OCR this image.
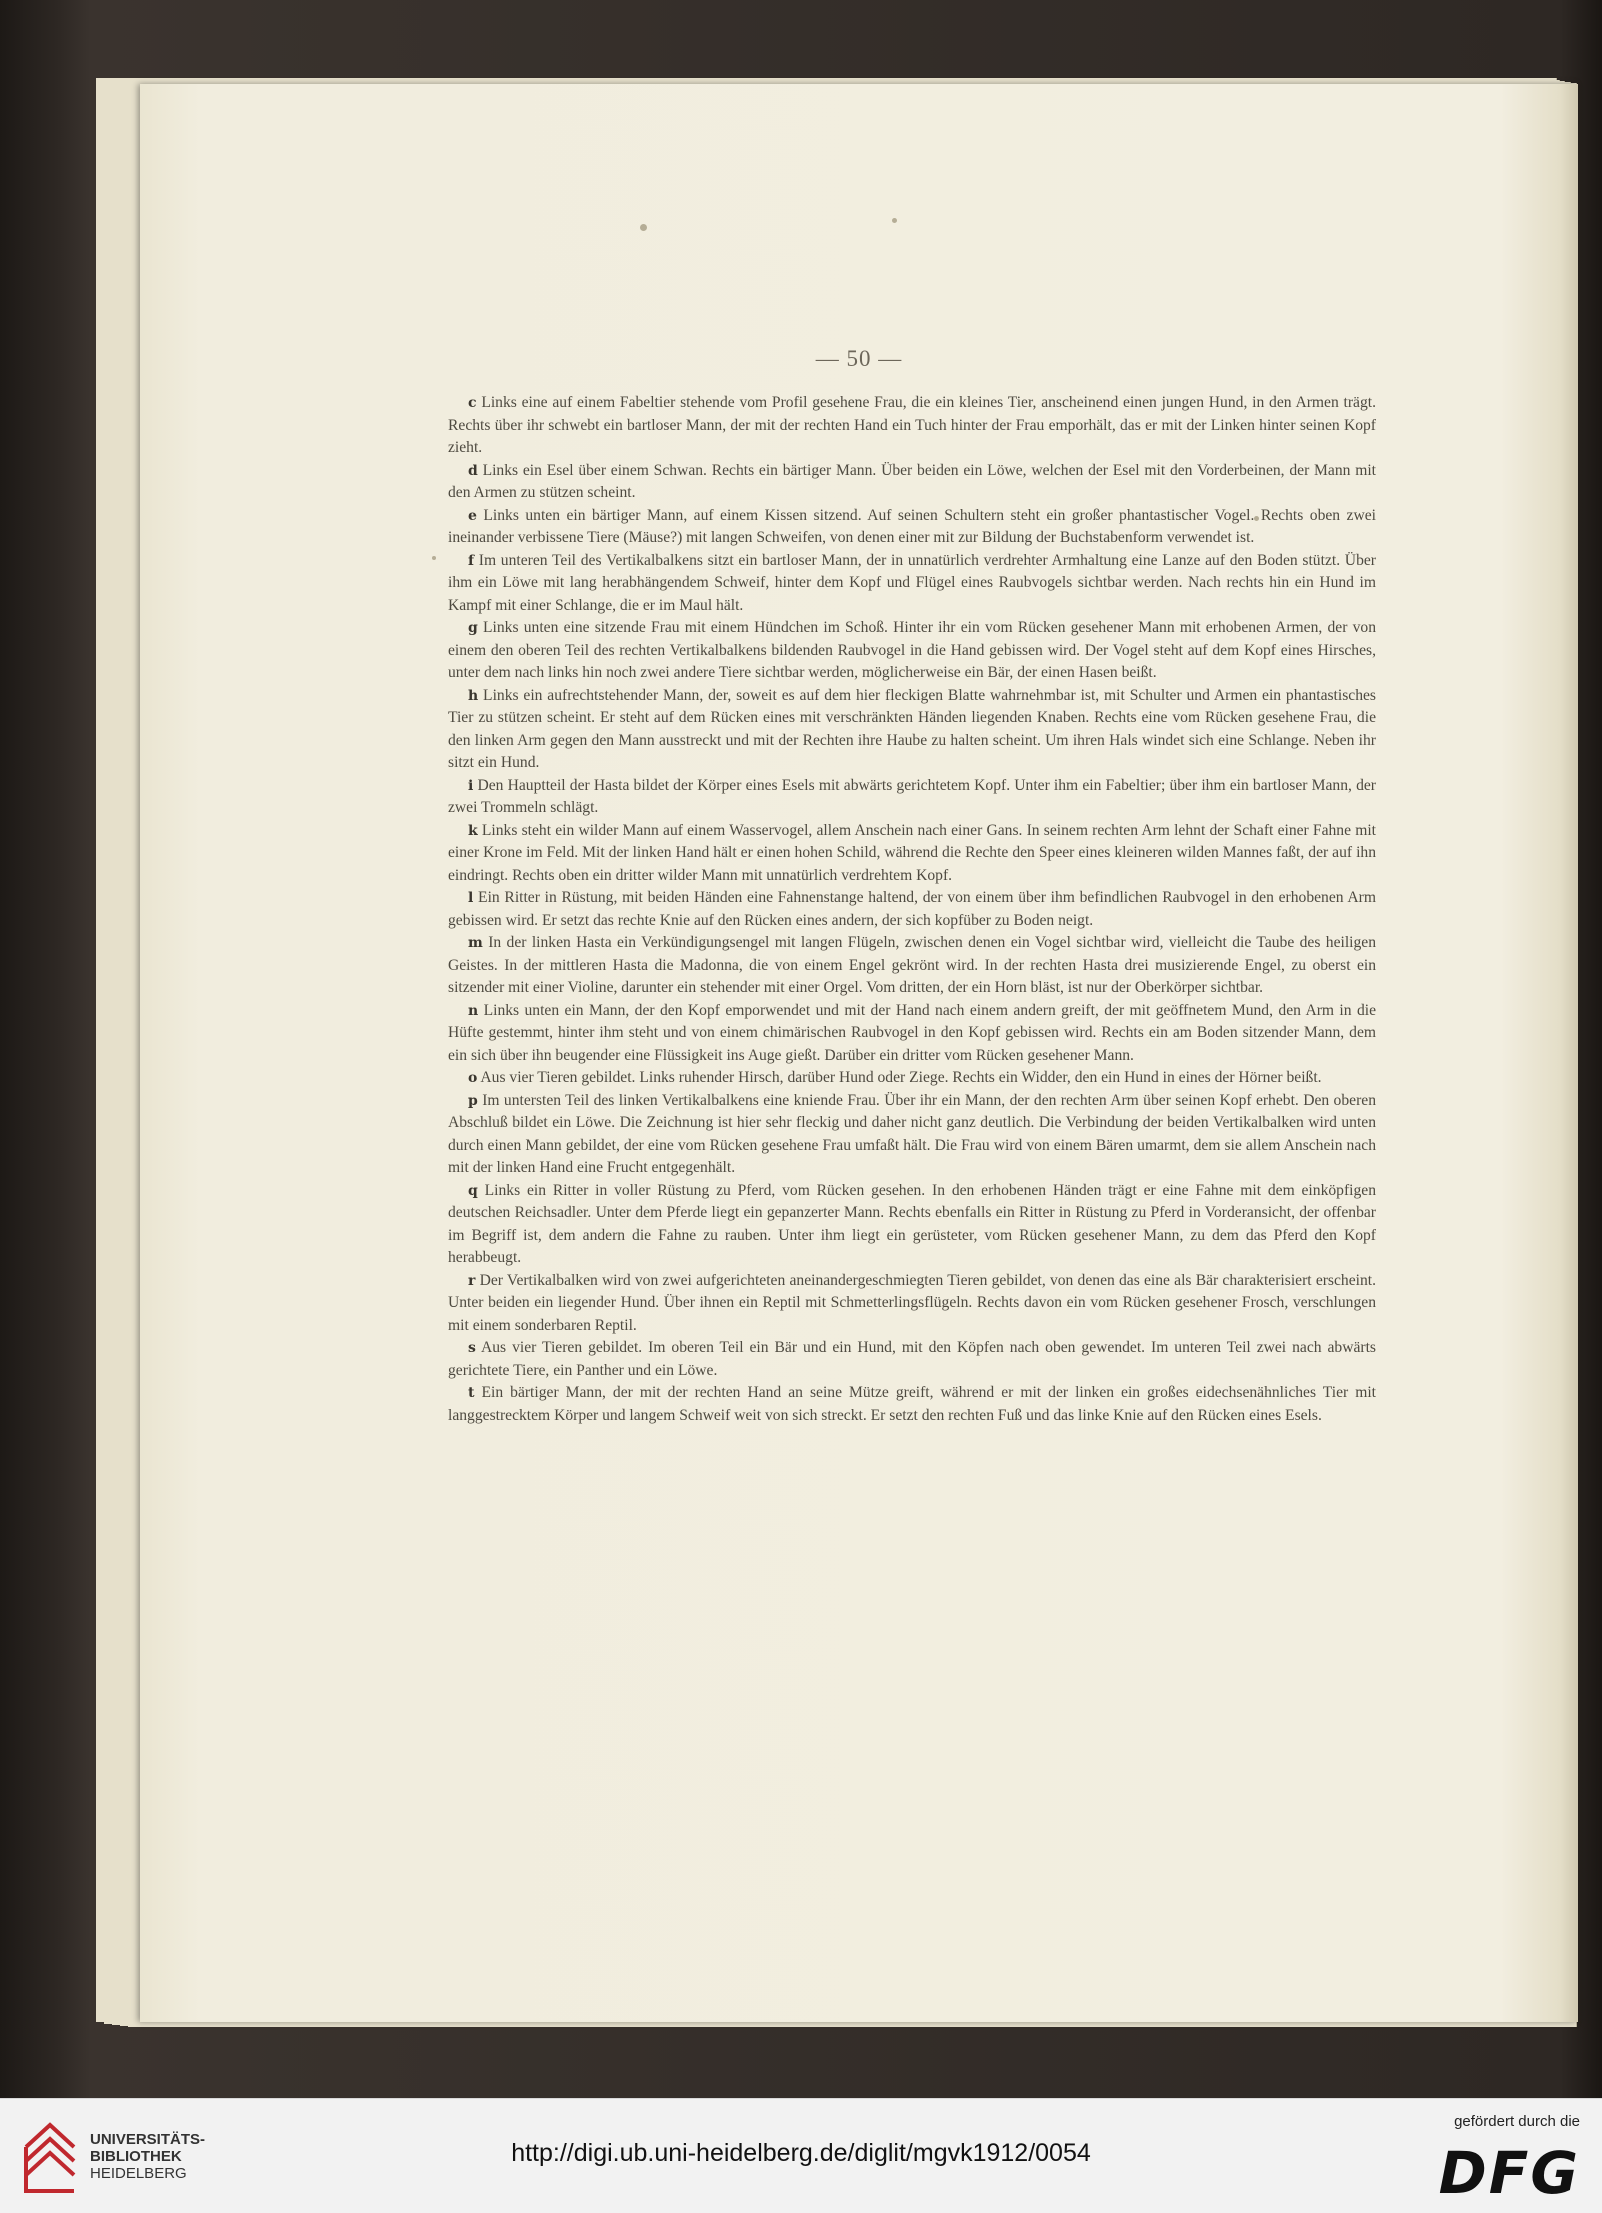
— 50 —

c Links eine auf einem Fabeltier stehende vom Profil gesehene Frau, die ein kleines Tier, anscheinend einen jungen Hund, in den Armen trägt. Rechts über ihr schwebt ein bartloser Mann, der mit der rechten Hand ein Tuch hinter der Frau emporhält, das er mit der Linken hinter seinen Kopf zieht.

d Links ein Esel über einem Schwan. Rechts ein bärtiger Mann. Über beiden ein Löwe, welchen der Esel mit den Vorderbeinen, der Mann mit den Armen zu stützen scheint.

e Links unten ein bärtiger Mann, auf einem Kissen sitzend. Auf seinen Schultern steht ein großer phantastischer Vogel. Rechts oben zwei ineinander verbissene Tiere (Mäuse?) mit langen Schweifen, von denen einer mit zur Bildung der Buchstabenform verwendet ist.

f Im unteren Teil des Vertikalbalkens sitzt ein bartloser Mann, der in unnatürlich verdrehter Armhaltung eine Lanze auf den Boden stützt. Über ihm ein Löwe mit lang herabhängendem Schweif, hinter dem Kopf und Flügel eines Raubvogels sichtbar werden. Nach rechts hin ein Hund im Kampf mit einer Schlange, die er im Maul hält.

g Links unten eine sitzende Frau mit einem Hündchen im Schoß. Hinter ihr ein vom Rücken gesehener Mann mit erhobenen Armen, der von einem den oberen Teil des rechten Vertikalbalkens bildenden Raubvogel in die Hand gebissen wird. Der Vogel steht auf dem Kopf eines Hirsches, unter dem nach links hin noch zwei andere Tiere sichtbar werden, möglicherweise ein Bär, der einen Hasen beißt.

h Links ein aufrechtstehender Mann, der, soweit es auf dem hier fleckigen Blatte wahrnehmbar ist, mit Schulter und Armen ein phantastisches Tier zu stützen scheint. Er steht auf dem Rücken eines mit verschränkten Händen liegenden Knaben. Rechts eine vom Rücken gesehene Frau, die den linken Arm gegen den Mann ausstreckt und mit der Rechten ihre Haube zu halten scheint. Um ihren Hals windet sich eine Schlange. Neben ihr sitzt ein Hund.

i Den Hauptteil der Hasta bildet der Körper eines Esels mit abwärts gerichtetem Kopf. Unter ihm ein Fabeltier; über ihm ein bartloser Mann, der zwei Trommeln schlägt.

k Links steht ein wilder Mann auf einem Wasservogel, allem Anschein nach einer Gans. In seinem rechten Arm lehnt der Schaft einer Fahne mit einer Krone im Feld. Mit der linken Hand hält er einen hohen Schild, während die Rechte den Speer eines kleineren wilden Mannes faßt, der auf ihn eindringt. Rechts oben ein dritter wilder Mann mit unnatürlich verdrehtem Kopf.

l Ein Ritter in Rüstung, mit beiden Händen eine Fahnenstange haltend, der von einem über ihm befindlichen Raubvogel in den erhobenen Arm gebissen wird. Er setzt das rechte Knie auf den Rücken eines andern, der sich kopfüber zu Boden neigt.

m In der linken Hasta ein Verkündigungsengel mit langen Flügeln, zwischen denen ein Vogel sichtbar wird, vielleicht die Taube des heiligen Geistes. In der mittleren Hasta die Madonna, die von einem Engel gekrönt wird. In der rechten Hasta drei musizierende Engel, zu oberst ein sitzender mit einer Violine, darunter ein stehender mit einer Orgel. Vom dritten, der ein Horn bläst, ist nur der Oberkörper sichtbar.

n Links unten ein Mann, der den Kopf emporwendet und mit der Hand nach einem andern greift, der mit geöffnetem Mund, den Arm in die Hüfte gestemmt, hinter ihm steht und von einem chimärischen Raubvogel in den Kopf gebissen wird. Rechts ein am Boden sitzender Mann, dem ein sich über ihn beugender eine Flüssigkeit ins Auge gießt. Darüber ein dritter vom Rücken gesehener Mann.

o Aus vier Tieren gebildet. Links ruhender Hirsch, darüber Hund oder Ziege. Rechts ein Widder, den ein Hund in eines der Hörner beißt.

p Im untersten Teil des linken Vertikalbalkens eine kniende Frau. Über ihr ein Mann, der den rechten Arm über seinen Kopf erhebt. Den oberen Abschluß bildet ein Löwe. Die Zeichnung ist hier sehr fleckig und daher nicht ganz deutlich. Die Verbindung der beiden Vertikalbalken wird unten durch einen Mann gebildet, der eine vom Rücken gesehene Frau umfaßt hält. Die Frau wird von einem Bären umarmt, dem sie allem Anschein nach mit der linken Hand eine Frucht entgegenhält.

q Links ein Ritter in voller Rüstung zu Pferd, vom Rücken gesehen. In den erhobenen Händen trägt er eine Fahne mit dem einköpfigen deutschen Reichsadler. Unter dem Pferde liegt ein gepanzerter Mann. Rechts ebenfalls ein Ritter in Rüstung zu Pferd in Vorderansicht, der offenbar im Begriff ist, dem andern die Fahne zu rauben. Unter ihm liegt ein gerüsteter, vom Rücken gesehener Mann, zu dem das Pferd den Kopf herabbeugt.

r Der Vertikalbalken wird von zwei aufgerichteten aneinandergeschmiegten Tieren gebildet, von denen das eine als Bär charakterisiert erscheint. Unter beiden ein liegender Hund. Über ihnen ein Reptil mit Schmetterlingsflügeln. Rechts davon ein vom Rücken gesehener Frosch, verschlungen mit einem sonderbaren Reptil.

s Aus vier Tieren gebildet. Im oberen Teil ein Bär und ein Hund, mit den Köpfen nach oben gewendet. Im unteren Teil zwei nach abwärts gerichtete Tiere, ein Panther und ein Löwe.

t Ein bärtiger Mann, der mit der rechten Hand an seine Mütze greift, während er mit der linken ein großes eidechsenähnliches Tier mit langgestrecktem Körper und langem Schweif weit von sich streckt. Er setzt den rechten Fuß und das linke Knie auf den Rücken eines Esels.

UNIVERSITÄTS-
BIBLIOTHEK
HEIDELBERG
http://digi.ub.uni-heidelberg.de/diglit/mgvk1912/0054
gefördert durch die
DFG
